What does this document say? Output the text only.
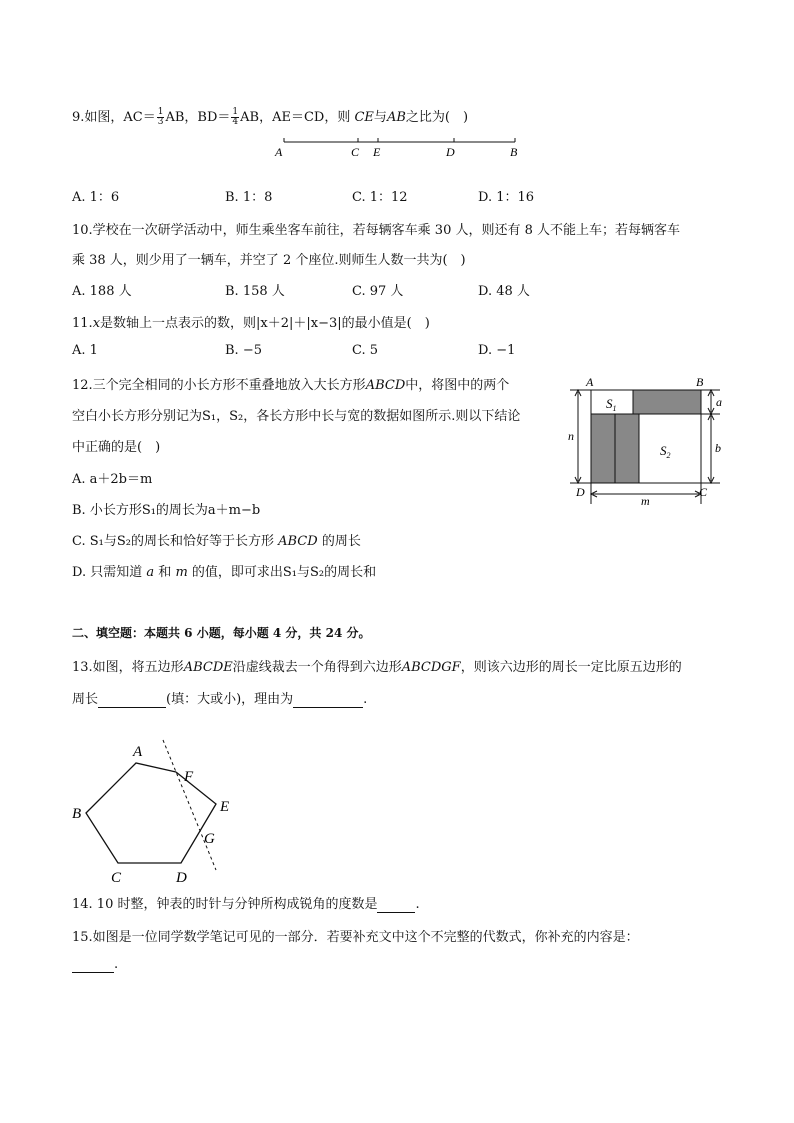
9.如图，$AC= \frac{1}{3}$ AB，$BD= \frac{1}{4}$ AB，AE＝CD，则 CE与AB之比为(　)
A	C E	D	B
A. 1：6	B. 1：8	C. 1：12	D. 1：16
10.学校在一次研学活动中，师生乘坐客车前往，若每辆客车乘 30 人，则还有 8 人不能上车；若每辆客车
乘 38 人，则少用了一辆车，并空了 2 个座位.则师生人数一共为(　)
A. 188 人	B. 158 人	C. 97 人	D. 48 人
11.x是数轴上一点表示的数，则|x＋2|＋|x−3|的最小值是(　)
A. 1	B. −5	C. 5	D. −1
12.三个完全相同的小长方形不重叠地放入大长方形ABCD中，将图中的两个
空白小长方形分别记为S₁，S₂，各长方形中长与宽的数据如图所示.则以下结论
中正确的是(　)
A. a＋2b＝m
B. 小长方形S₁的周长为a＋m−b
C. S₁与S₂的周长和恰好等于长方形 ABCD 的周长
D. 只需知道 a 和 m 的值，即可求出S₁与S₂的周长和
A	B
D	C
$S_1$
$S_2$
a
b
n
m
二、填空题：本题共 6 小题，每小题 4 分，共 24 分。
13.如图，将五边形ABCDE沿虚线裁去一个角得到六边形ABCDGF，则该六边形的周长一定比原五边形的
周长	(填：大或小)，理由为	.
A
B
C	D
E
F
G
14. 10 时整，钟表的时针与分钟所构成锐角的度数是	.
15.如图是一位同学数学笔记可见的一部分．若要补充文中这个不完整的代数式，你补充的内容是：
.
